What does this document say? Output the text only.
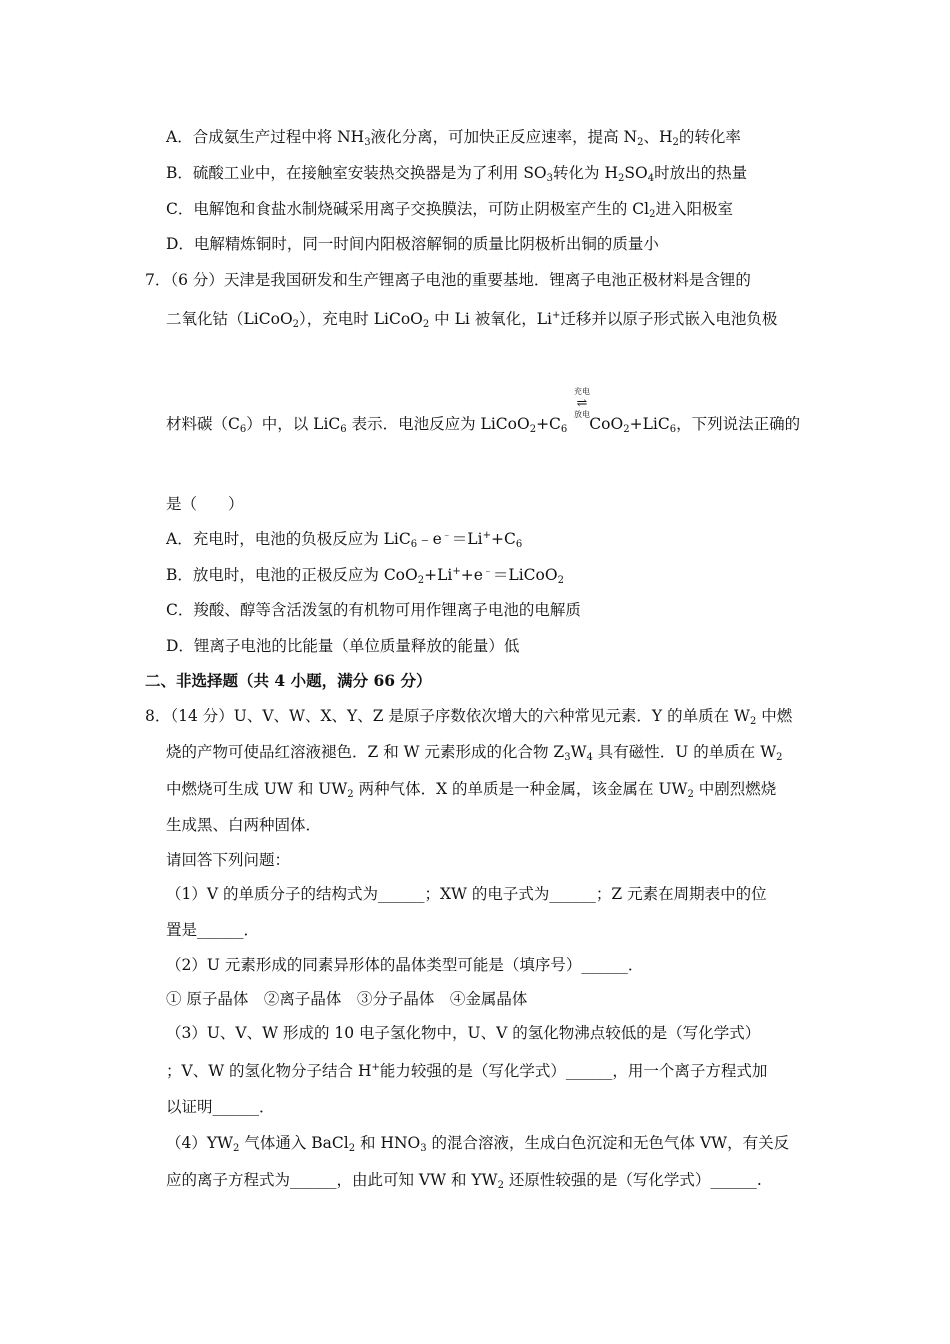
A．合成氨生产过程中将 $NH_3$液化分离，可加快正反应速率，提高 $N_2$、$H_2$的转化率
B．硫酸工业中，在接触室安装热交换器是为了利用 $SO_3$转化为 $H_2SO_4$时放出的热量
C．电解饱和食盐水制烧碱采用离子交换膜法，可防止阴极室产生的 $Cl_2$进入阳极室
D．电解精炼铜时，同一时间内阳极溶解铜的质量比阴极析出铜的质量小
7．（6 分）天津是我国研发和生产锂离子电池的重要基地．锂离子电池正极材料是含锂的
二氧化钴（LiCoO$_2$），充电时 LiCoO$_2$ 中 Li 被氧化，Li+迁移并以原子形式嵌入电池负极
充电
⇌
放电
材料碳$(C_6)$中，以 LiC$_6$ 表示．电池反应为 $LiCoO_2+C_6$ CoO$_2$+LiC$_6$，下列说法正确的
是（　　）
A．充电时，电池的负极反应为 $LiC_6﹣e^﹣=Li^++C_6$
B．放电时，电池的正极反应为 CoO$_2$+Li++e﹣＝LiCoO$_2$
C．羧酸、醇等含活泼氢的有机物可用作锂离子电池的电解质
D．锂离子电池的比能量（单位质量释放的能量）低
二、非选择题（共 4 小题，满分 66 分）
8．（14 分）U、V、W、X、Y、Z 是原子序数依次增大的六种常见元素．Y 的单质在 $W_2$ 中燃
烧的产物可使品红溶液褪色．Z 和 W 元素形成的化合物 $Z_3W_4$ 具有磁性．U 的单质在 $W_2$
中燃烧可生成 UW 和 $UW_2$ 两种气体．X 的单质是一种金属，该金属在 $UW_2$ 中剧烈燃烧
生成黑、白两种固体．
请回答下列问题：
（1）V 的单质分子的结构式为______；XW 的电子式为______；Z 元素在周期表中的位
置是______．
（2）U 元素形成的同素异形体的晶体类型可能是（填序号）______．
① 原子晶体　②离子晶体　③分子晶体　④金属晶体
（3）U、V、W 形成的 10 电子氢化物中，U、V 的氢化物沸点较低的是（写化学式）
；V、W 的氢化物分子结合 H+能力较强的是（写化学式）______，用一个离子方程式加
以证明______．
$(4)YW_2$ 气体通入 BaCl$_2$ 和 $HNO_3$ 的混合溶液，生成白色沉淀和无色气体 VW，有关反
应的离子方程式为______，由此可知 VW 和 $YW_2$ 还原性较强的是（写化学式）______.
